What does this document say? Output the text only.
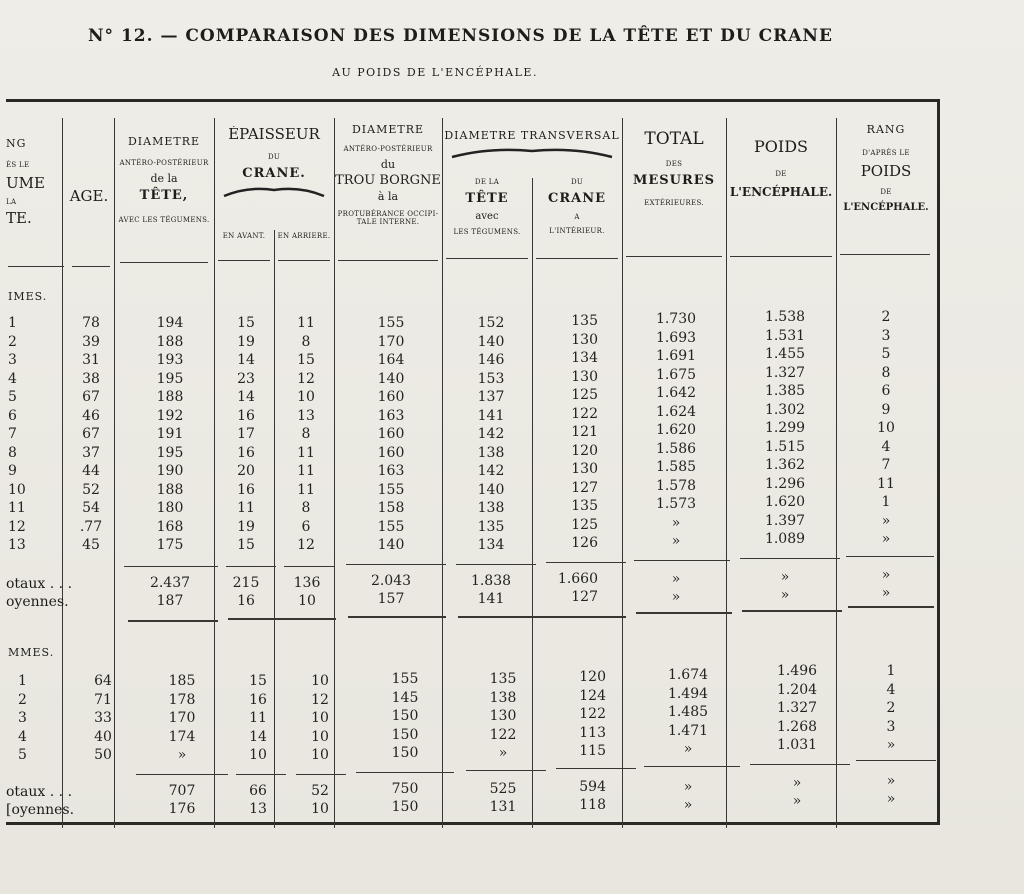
N° 12. — COMPARAISON DES DIMENSIONS DE LA TÊTE ET DU CRANE
AU POIDS DE L'ENCÉPHALE.
NG
ÈS LE
UME
LA
TE.
AGE.
DIAMÈTRE
ANTÉRO-POSTÉRIEUR
de la
TÊTE,
AVEC LES TÉGUMENS.
ÉPAISSEUR
DU
CRANE.
EN AVANT.	EN ARRIÈRE.
DIAMÈTRE
ANTÉRO-POSTÉRIEUR
du
TROU BORGNE
à la
PROTUBÉRANCE OCCIPI-
TALE INTERNE.
DIAMÈTRE TRANSVERSAL
DE LA
TÊTE
avec
LES TÉGUMENS.
DU
CRANE
A
L'INTÉRIEUR.
TOTAL
DES
MESURES
EXTÉRIEURES.
POIDS
DE
L'ENCÉPHALE.
RANG
D'APRÈS LE
POIDS
DE
L'ENCÉPHALE.
IMES.
1
2
3
4
5
6
7
8
9
10
11
12
13
78
39
31
38
67
46
67
37
44
52
54
.77
45
194
188
193
195
188
192
191
195
190
188
180
168
175
15
19
14
23
14
16
17
16
20
16
11
19
15
11
8
15
12
10
13
8
11
11
11
8
6
12
155
170
164
140
160
163
160
160
163
155
158
155
140
152
140
146
153
137
141
142
138
142
140
138
135
134
135
130
134
130
125
122
121
120
130
127
135
125
126
1.730
1.693
1.691
1.675
1.642
1.624
1.620
1.586
1.585
1.578
1.573
»
»
1.538
1.531
1.455
1.327
1.385
1.302
1.299
1.515
1.362
1.296
1.620
1.397
1.089
2
3
5
8
6
9
10
4
7
11
1
»
»
otaux . . .
oyennes.
2.437
187
215
16
136
10
2.043
157
1.838
141
1.660
127
»
»
»
»
»
»
MMES.
1
2
3
4
5
64
71
33
40
50
185
178
170
174
»
15
16
11
14
10
10
12
10
10
10
155
145
150
150
150
135
138
130
122
»
120
124
122
113
115
1.674
1.494
1.485
1.471
»
1.496
1.204
1.327
1.268
1.031
1
4
2
3
»
otaux . . .
[oyennes.
707
176
66
13
52
10
750
150
525
131
594
118
»
»
»
»
»
»
